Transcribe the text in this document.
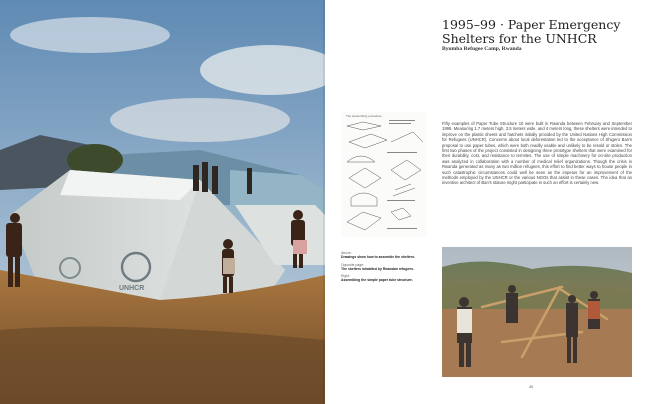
UNHCR
1995–99 · Paper Emergency
Shelters for the UNHCR
Byumba Refugee Camp, Rwanda

Fifty examples of Paper Tube Structure 10 were built in Rwanda between February and September 1999. Measuring 1.7 meters high, 3.5 meters wide, and 4 meters long, these shelters were intended to improve on the plastic sheets and hatchets initially provided by the United Nations High Commission for Refugees (UNHCR). Concerns about local deforestation led to the acceptance of Shigeru Ban's proposal to use paper tubes, which were both readily usable and unlikely to be resold or stolen. The first two phases of the project consisted in designing three prototype shelters that were examined for their durability, cost, and resistance to termites. The use of simple machinery for on-site production was analyzed in collaboration with a number of medical relief organizations. Though the crisis in Rwanda generated as many as two million refugees, this effort to find better ways to house people in such catastrophic circumstances could well be seen as the impetus for an improvement of the methods employed by the UNHCR or the various NGOs that assist in these cases. The idea that an inventive architect of Ban's stature might participate in such an effort is certainly new.

The Assembling procedure
Above:
Drawings show how to assemble the shelters.
Opposite page:
The shelters inhabited by Rwandan refugees.
Right:
Assembling the simple paper tube structure.
45
